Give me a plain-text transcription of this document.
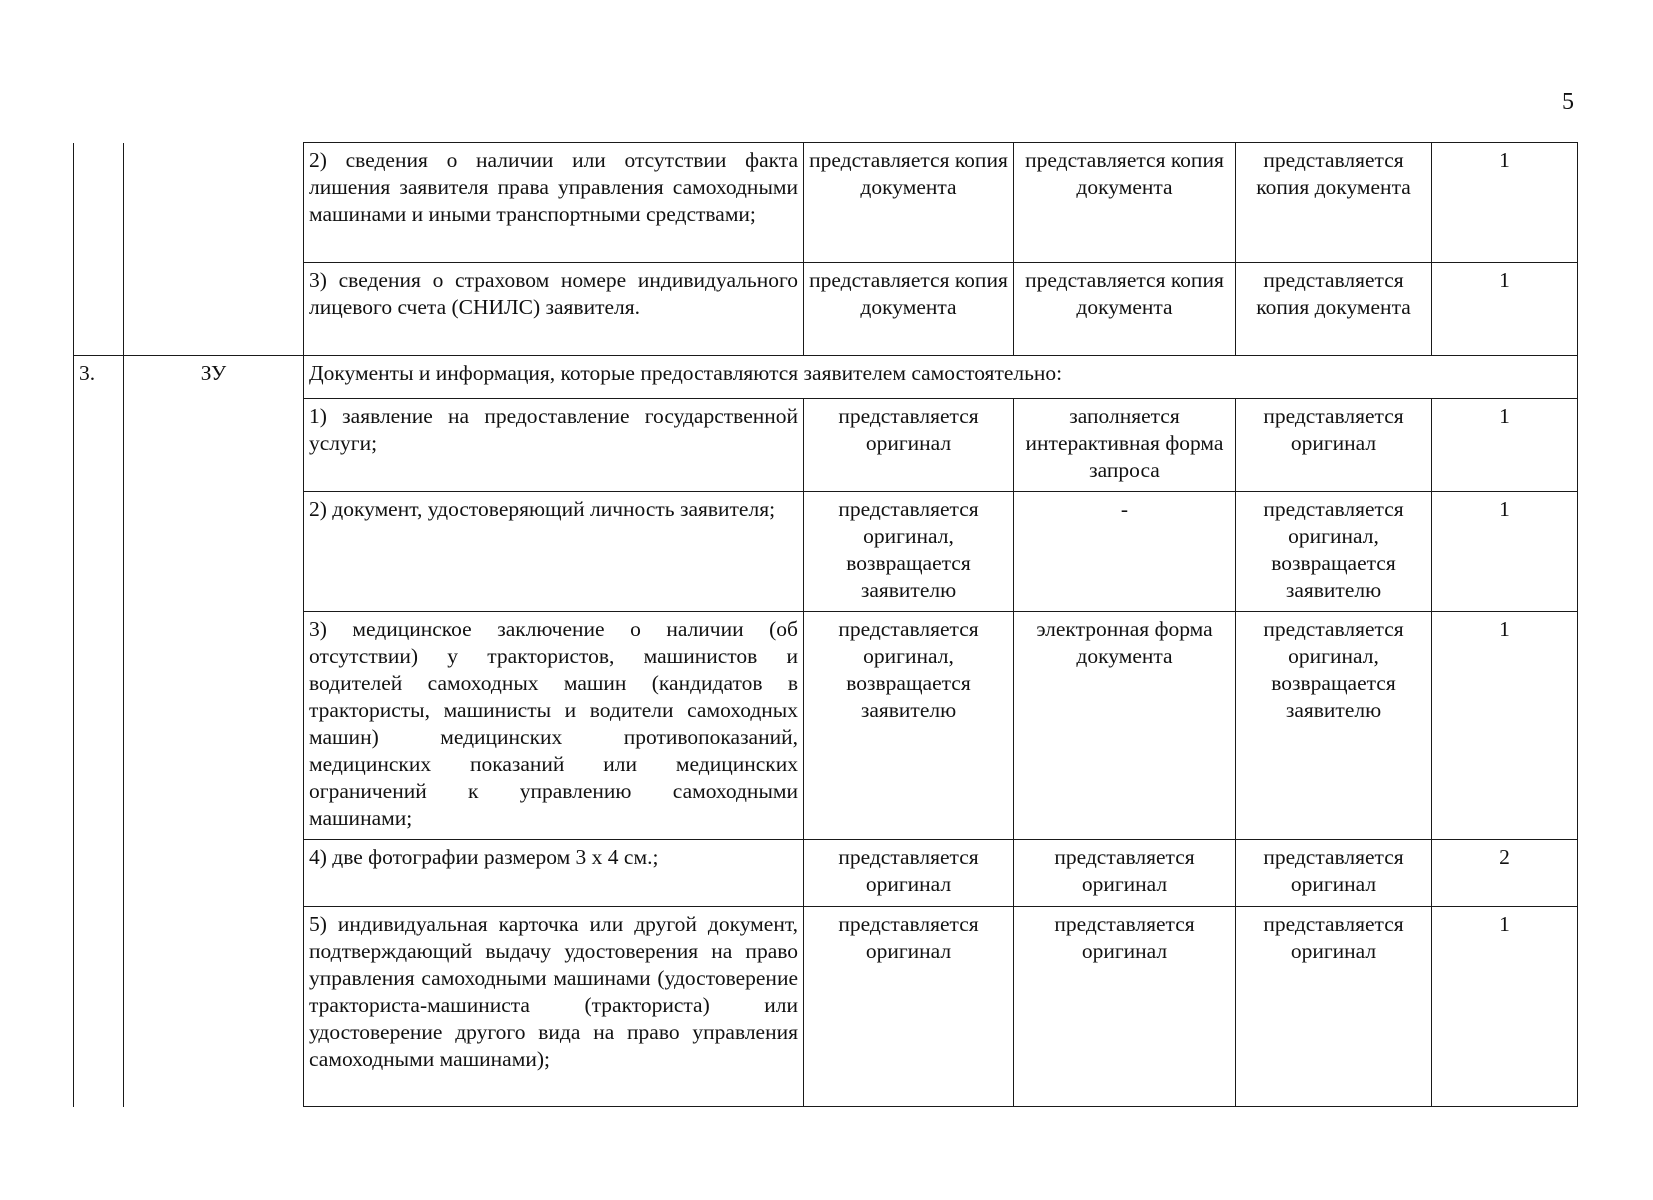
5
		2) сведения о наличии или отсутствии факта лишения заявителя права управления самоходными машинами и иными транспортными средствами;	представляется копия документа	представляется копия документа	представляется копия документа	1
		3) сведения о страховом номере индивидуального лицевого счета (СНИЛС) заявителя.	представляется копия документа	представляется копия документа	представляется копия документа	1
3.	ЗУ	Документы и информация, которые предоставляются заявителем самостоятельно:				
		1) заявление на предоставление государственной услуги;	представляется оригинал	заполняется интерактивная форма запроса	представляется оригинал	1
		2) документ, удостоверяющий личность заявителя;	представляется оригинал, возвращается заявителю	-	представляется оригинал, возвращается заявителю	1
		3) медицинское заключение о наличии (об отсутствии) у трактористов, машинистов и водителей самоходных машин (кандидатов в трактористы, машинисты и водители самоходных машин) медицинских противопоказаний, медицинских показаний или медицинских ограничений к управлению самоходными машинами;	представляется оригинал, возвращается заявителю	электронная форма документа	представляется оригинал, возвращается заявителю	1
		4) две фотографии размером 3 х 4 см.;	представляется оригинал	представляется оригинал	представляется оригинал	2
		5) индивидуальная карточка или другой документ, подтверждающий выдачу удостоверения на право управления самоходными машинами (удостоверение тракториста-машиниста (тракториста) или удостоверение другого вида на право управления самоходными машинами);	представляется оригинал	представляется оригинал	представляется оригинал	1
